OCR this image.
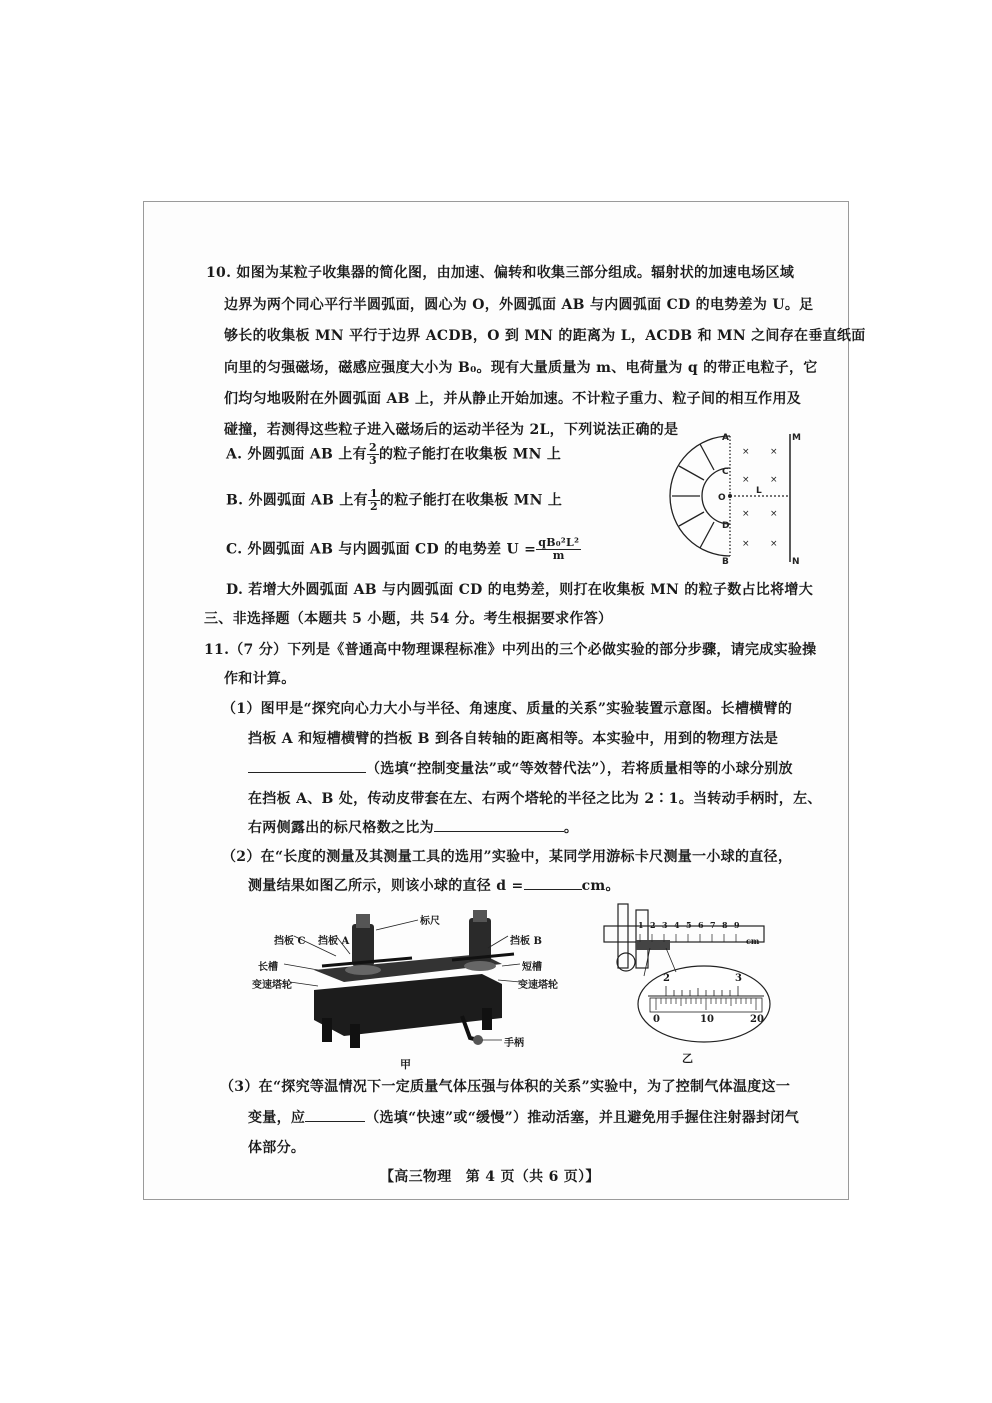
10. 如图为某粒子收集器的简化图，由加速、偏转和收集三部分组成。辐射状的加速电场区域
边界为两个同心平行半圆弧面，圆心为 O，外圆弧面 AB 与内圆弧面 CD 的电势差为 U。足
够长的收集板 MN 平行于边界 ACDB，O 到 MN 的距离为 L，ACDB 和 MN 之间存在垂直纸面
向里的匀强磁场，磁感应强度大小为 B₀。现有大量质量为 m、电荷量为 q 的带正电粒子，它
们均匀地吸附在外圆弧面 AB 上，并从静止开始加速。不计粒子重力、粒子间的相互作用及
碰撞，若测得这些粒子进入磁场后的运动半径为 2L，下列说法正确的是
A. 外圆弧面 AB 上有 $\frac{2}{3}$ 的粒子能打在收集板 MN 上
B. 外圆弧面 AB 上有 $\frac{1}{2}$ 的粒子能打在收集板 MN 上
C. 外圆弧面 AB 与内圆弧面 CD 的电势差 $U = \frac{\text{qB₀²L²}}{m}$
D. 若增大外圆弧面 AB 与内圆弧面 CD 的电势差，则打在收集板 MN 的粒子数占比将增大
A
B
C
D
O
L
M
N
× ×
× ×
× ×
× ×
三、非选择题（本题共 5 小题，共 54 分。考生根据要求作答）
11.（7 分）下列是《普通高中物理课程标准》中列出的三个必做实验的部分步骤，请完成实验操
作和计算。
（1）图甲是“探究向心力大小与半径、角速度、质量的关系”实验装置示意图。长槽横臂的
挡板 A 和短槽横臂的挡板 B 到各自转轴的距离相等。本实验中，用到的物理方法是
（选填“控制变量法”或“等效替代法”），若将质量相等的小球分别放
在挡板 A、B 处，传动皮带套在左、右两个塔轮的半径之比为 2∶1。当转动手柄时，左、
右两侧露出的标尺格数之比为	。
（2）在“长度的测量及其测量工具的选用”实验中，某同学用游标卡尺测量一小球的直径，
测量结果如图乙所示，则该小球的直径 d =	cm。
挡板 C 挡板 A
标尺
挡板 B
长槽
变速塔轮
短槽
变速塔轮
手柄
甲
1 2 3 4 5 6 7 8 9
cm
2	3
0	10	20
乙
（3）在“探究等温情况下一定质量气体压强与体积的关系”实验中，为了控制气体温度这一
变量，应	（选填“快速”或“缓慢”）推动活塞，并且避免用手握住注射器封闭气
体部分。
【高三物理　第 4 页（共 6 页）】
